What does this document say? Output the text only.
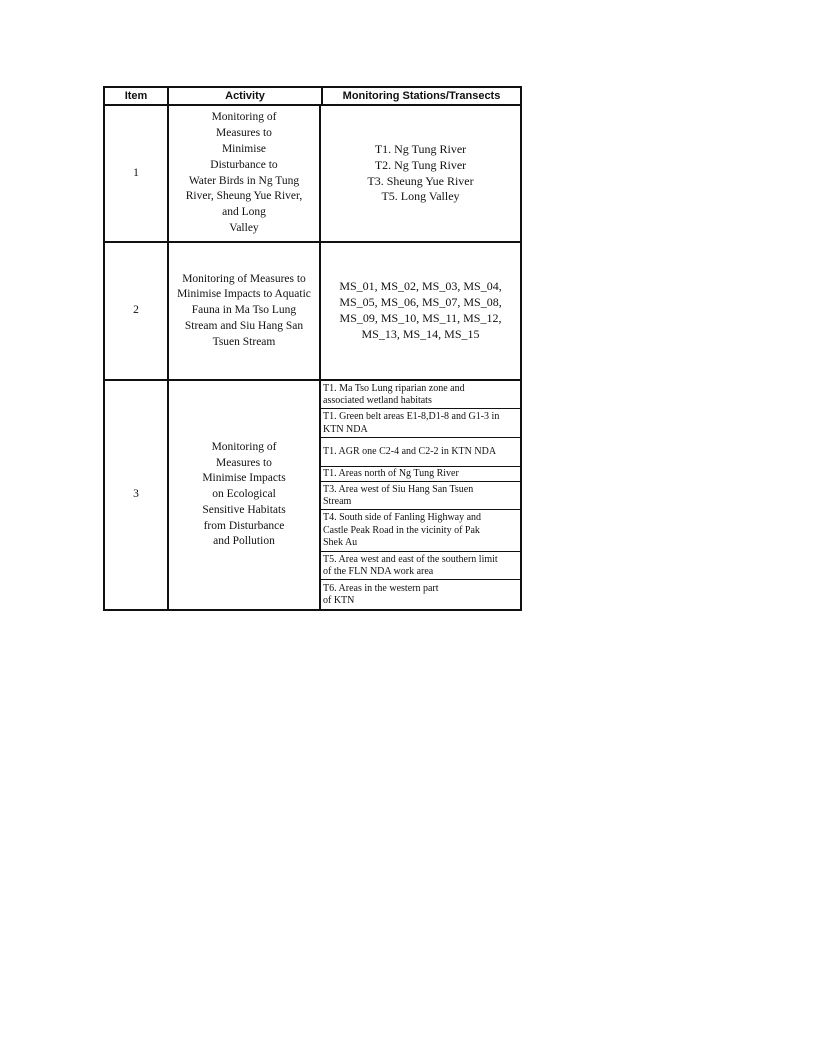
Item	Activity	Monitoring Stations/Transects
1
Monitoring of
Measures to
Minimise
Disturbance to
Water Birds in Ng Tung
River, Sheung Yue River,
and Long
Valley
T1. Ng Tung River
T2. Ng Tung River
T3. Sheung Yue River
T5. Long Valley
2
Monitoring of Measures to
Minimise Impacts to Aquatic
Fauna in Ma Tso Lung
Stream and Siu Hang San
Tsuen Stream
MS_01, MS_02, MS_03, MS_04,
MS_05, MS_06, MS_07, MS_08,
MS_09, MS_10, MS_11, MS_12,
MS_13, MS_14, MS_15
3
Monitoring of
Measures to
Minimise Impacts
on Ecological
Sensitive Habitats
from Disturbance
and Pollution
T1. Ma Tso Lung riparian zone and
associated wetland habitats
T1. Green belt areas E1-8,D1-8 and G1-3 in
KTN NDA
T1. AGR one C2-4 and C2-2 in KTN NDA
T1. Areas north of Ng Tung River
T3. Area west of Siu Hang San Tsuen
Stream
T4. South side of Fanling Highway and
Castle Peak Road in the vicinity of Pak
Shek Au
T5. Area west and east of the southern limit
of the FLN NDA work area
T6. Areas in the western part
of KTN
